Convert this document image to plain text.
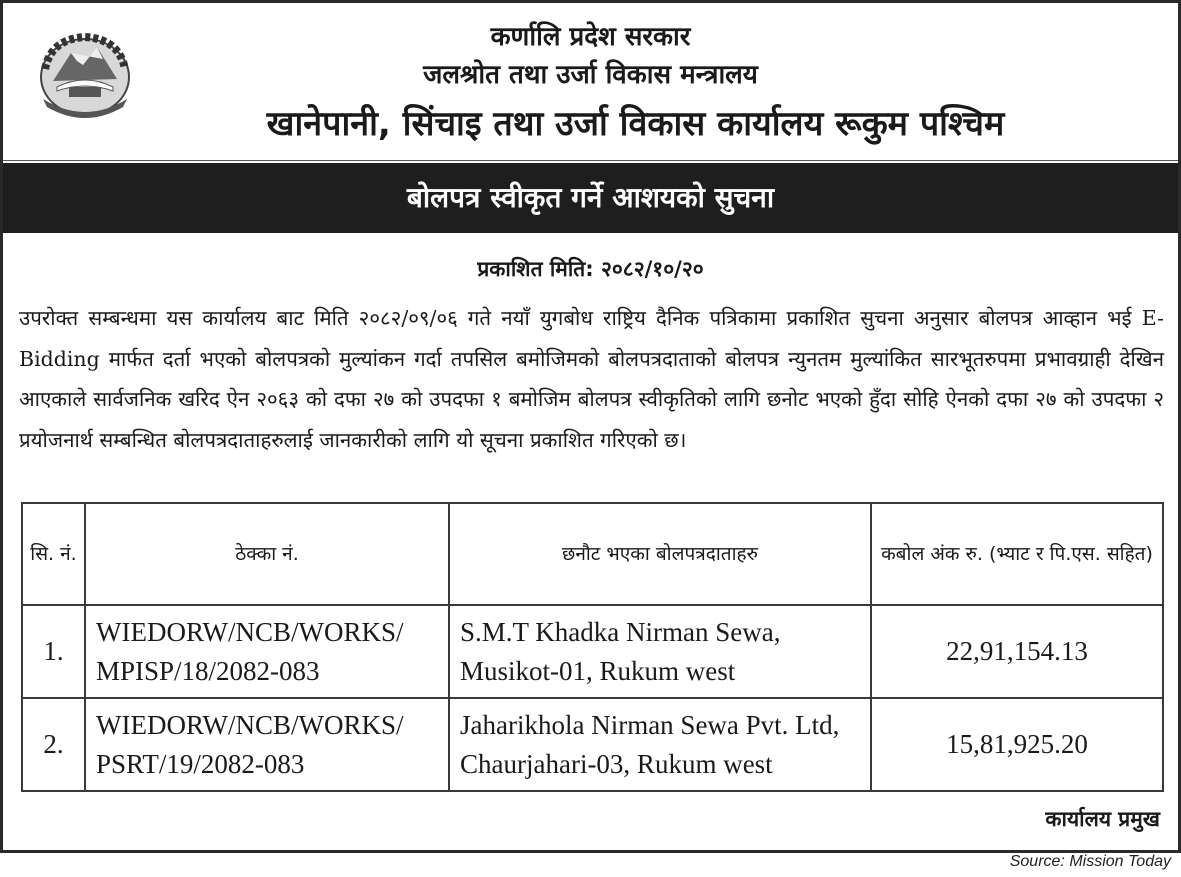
कर्णालि प्रदेश सरकार
जलश्रोत तथा उर्जा विकास मन्त्रालय
खानेपानी, सिंचाइ तथा उर्जा विकास कार्यालय रूकुम पश्चिम
बोलपत्र स्वीकृत गर्ने आशयको सुचना
प्रकाशित मिति: २०८२/१०/२०
उपरोक्त सम्बन्धमा यस कार्यालय बाट मिति २०८२/०९/०६ गते नयाँ युगबोध राष्ट्रिय दैनिक पत्रिकामा प्रकाशित सुचना अनुसार बोलपत्र आव्हान भई E-Bidding मार्फत दर्ता भएको बोलपत्रको मुल्यांकन गर्दा तपसिल बमोजिमको बोलपत्रदाताको बोलपत्र न्युनतम मुल्यांकित सारभूतरुपमा प्रभावग्राही देखिन आएकाले सार्वजनिक खरिद ऐन २०६३ को दफा २७ को उपदफा १ बमोजिम बोलपत्र स्वीकृतिको लागि छनोट भएको हुँदा सोहि ऐनको दफा २७ को उपदफा २ प्रयोजनार्थ सम्बन्धित बोलपत्रदाताहरुलाई जानकारीको लागि यो सूचना प्रकाशित गरिएको छ।
सि. नं.	ठेक्का नं.	छनौट भएका बोलपत्रदाताहरु	कबोल अंक रु. (भ्याट र पि.एस. सहित)
1.	WIEDORW/NCB/WORKS/ MPISP/18/2082-083	S.M.T Khadka Nirman Sewa, Musikot-01, Rukum west	22,91,154.13
2.	WIEDORW/NCB/WORKS/ PSRT/19/2082-083	Jaharikhola Nirman Sewa Pvt. Ltd, Chaurjahari-03, Rukum west	15,81,925.20
कार्यालय प्रमुख
Source: Mission Today
